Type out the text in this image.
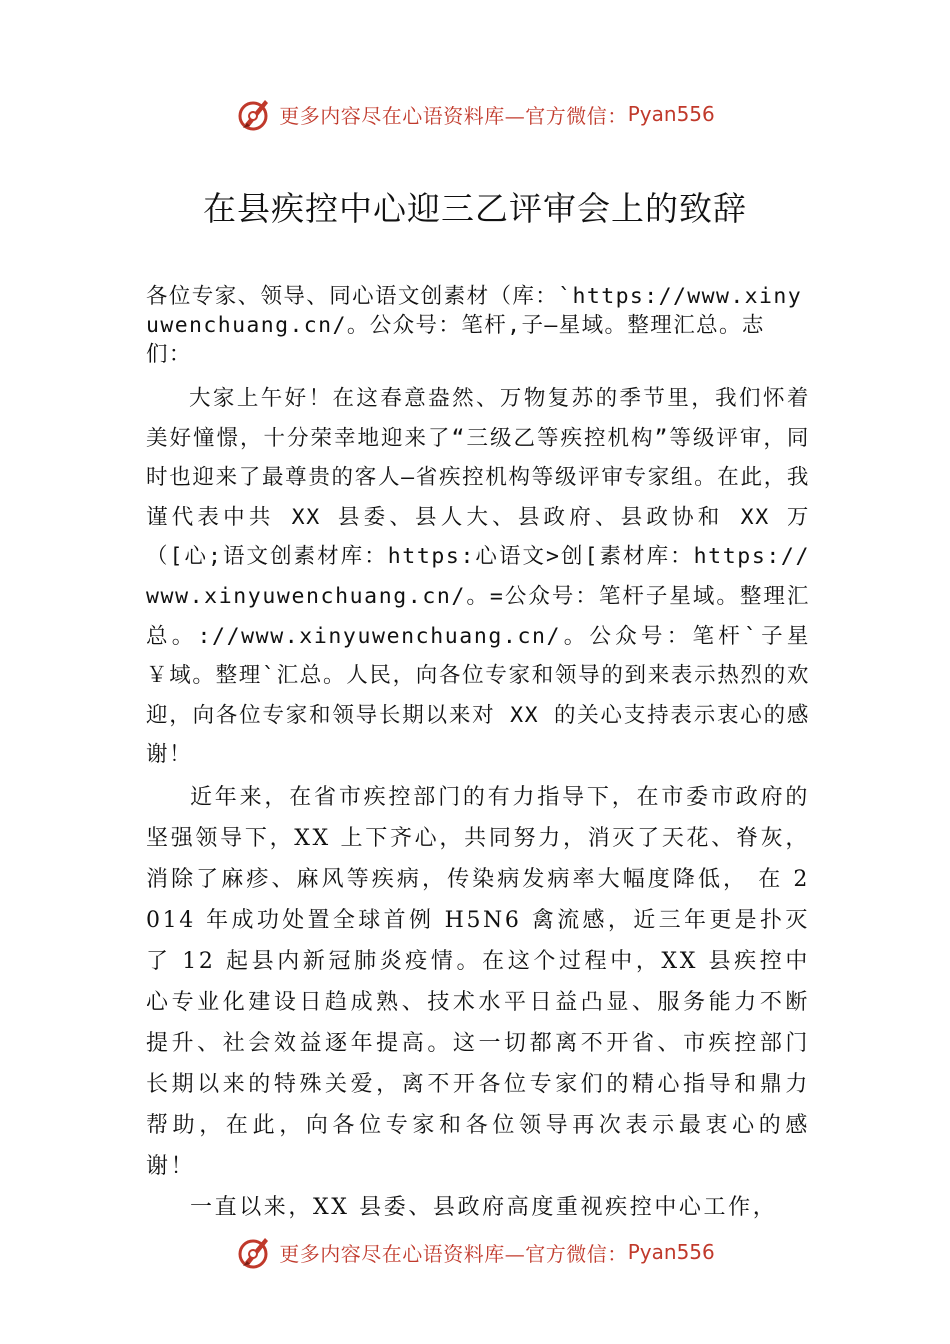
更多内容尽在心语资料库—官方微信： Pyan556
在县疾控中心迎三乙评审会上的致辞

各位专家、领导、同心语文创素材（库：`https://www.xinyuwenchuang.cn/。公众号：笔杆,子—星域。整理汇总。志们：

大家上午好！在这春意盎然、万物复苏的季节里，我们怀着美好憧憬，十分荣幸地迎来了“三级乙等疾控机构”等级评审，同时也迎来了最尊贵的客人—省疾控机构等级评审专家组。在此，我谨代表中共 XX 县委、县人大、县政府、县政协和 XX 万（[心;语文创素材库：https:心语文>创[素材库：https://www.xinyuwenchuang.cn/。=公众号：笔杆子星域。整理汇总。://www.xinyuwenchuang.cn/。公众号：笔杆`子星￥域。整理`汇总。人民，向各位专家和领导的到来表示热烈的欢迎，向各位专家和领导长期以来对 XX 的关心支持表示衷心的感谢！

近年来，在省市疾控部门的有力指导下，在市委市政府的坚强领导下，XX 上下齐心，共同努力，消灭了天花、脊灰，消除了麻疹、麻风等疾病，传染病发病率大幅度降低， 在 2014 年成功处置全球首例 H5N6 禽流感，近三年更是扑灭了 12 起县内新冠肺炎疫情。在这个过程中，XX 县疾控中心专业化建设日趋成熟、技术水平日益凸显、服务能力不断提升、社会效益逐年提高。这一切都离不开省、市疾控部门长期以来的特殊关爱，离不开各位专家们的精心指导和鼎力帮助，在此，向各位专家和各位领导再次表示最衷心的感谢！

一直以来，XX 县委、县政府高度重视疾控中心工作，

更多内容尽在心语资料库—官方微信： Pyan556
